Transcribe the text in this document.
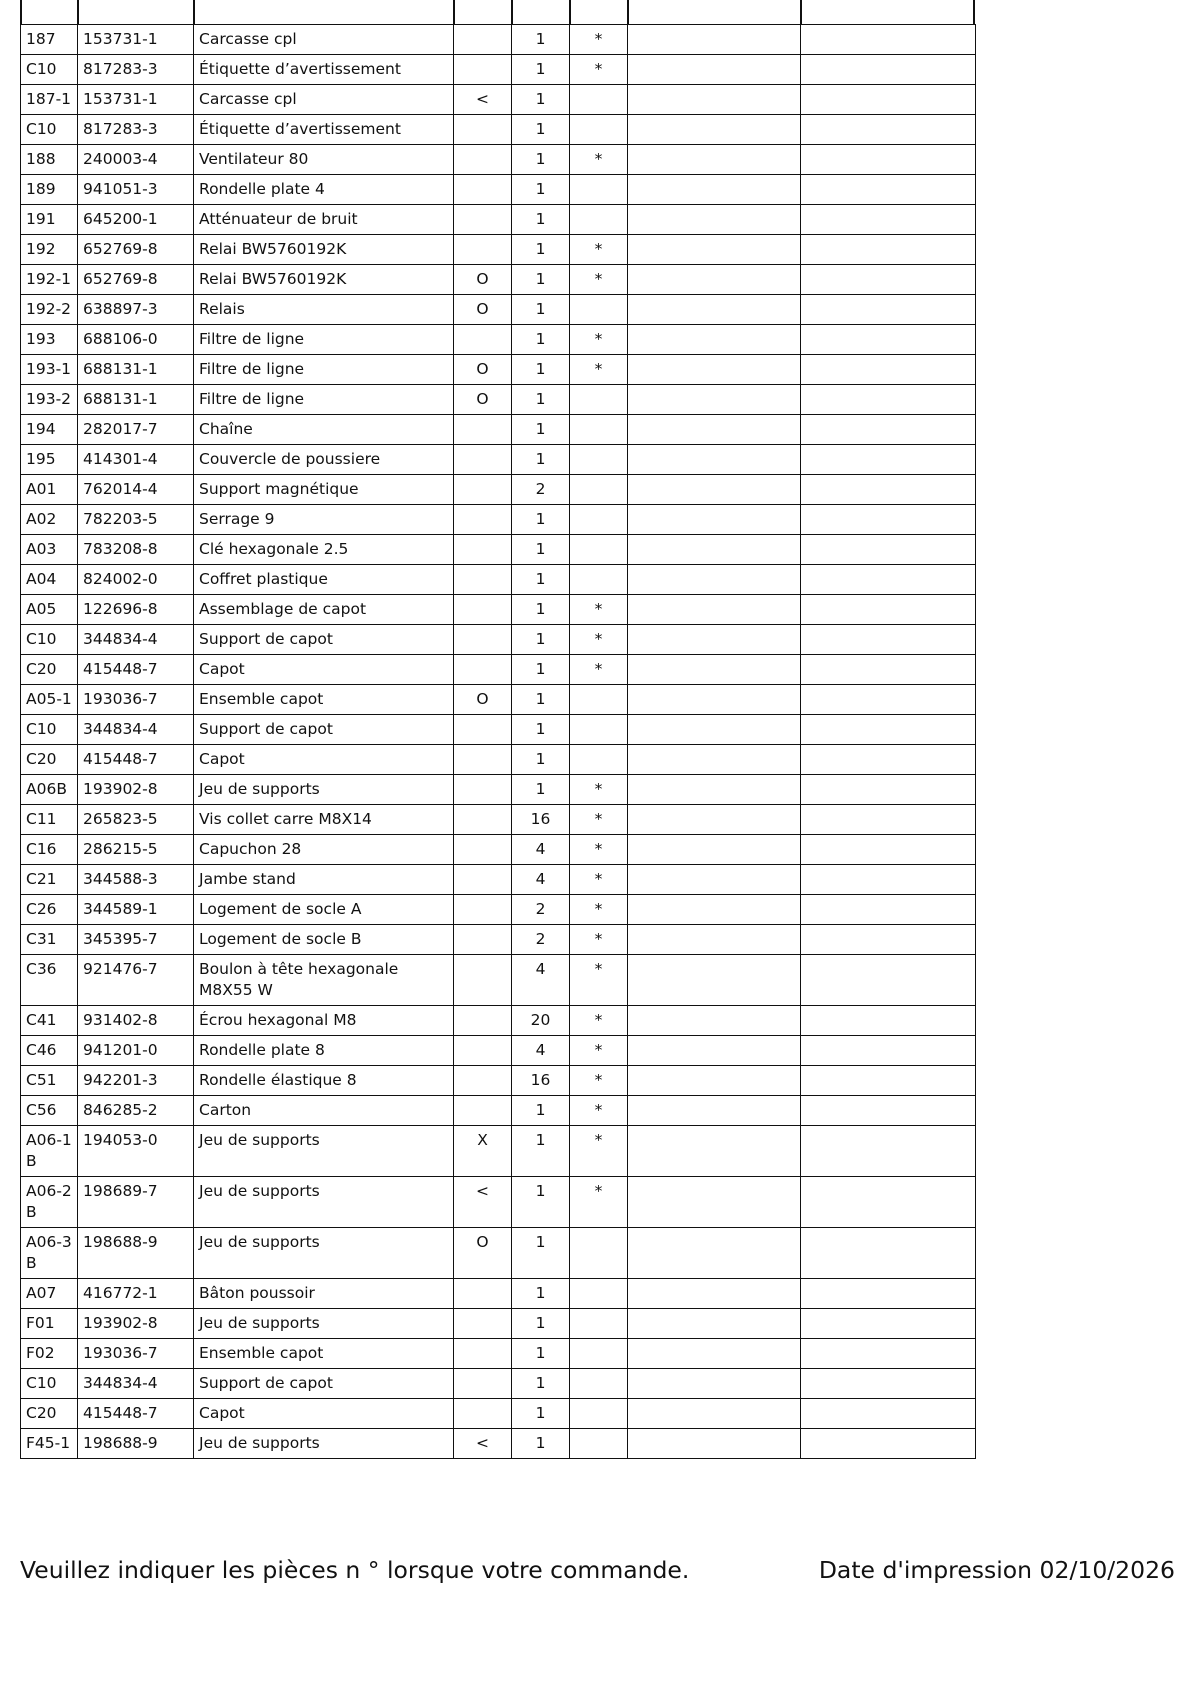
187	153731-1	Carcasse cpl		1	*		
C10	817283-3	Étiquette d’avertissement		1	*		
187-1	153731-1	Carcasse cpl	<	1			
C10	817283-3	Étiquette d’avertissement		1			
188	240003-4	Ventilateur 80		1	*		
189	941051-3	Rondelle plate 4		1			
191	645200-1	Atténuateur de bruit		1			
192	652769-8	Relai BW5760192K		1	*		
192-1	652769-8	Relai BW5760192K	O	1	*		
192-2	638897-3	Relais	O	1			
193	688106-0	Filtre de ligne		1	*		
193-1	688131-1	Filtre de ligne	O	1	*		
193-2	688131-1	Filtre de ligne	O	1			
194	282017-7	Chaîne		1			
195	414301-4	Couvercle de poussiere		1			
A01	762014-4	Support magnétique		2			
A02	782203-5	Serrage 9		1			
A03	783208-8	Clé hexagonale 2.5		1			
A04	824002-0	Coffret plastique		1			
A05	122696-8	Assemblage de capot		1	*		
C10	344834-4	Support de capot		1	*		
C20	415448-7	Capot		1	*		
A05-1	193036-7	Ensemble capot	O	1			
C10	344834-4	Support de capot		1			
C20	415448-7	Capot		1			
A06B	193902-8	Jeu de supports		1	*		
C11	265823-5	Vis collet carre M8X14		16	*		
C16	286215-5	Capuchon 28		4	*		
C21	344588-3	Jambe stand		4	*		
C26	344589-1	Logement de socle A		2	*		
C31	345395-7	Logement de socle B		2	*		
C36	921476-7	Boulon à tête hexagonale M8X55 W		4	*		
C41	931402-8	Écrou hexagonal M8		20	*		
C46	941201-0	Rondelle plate 8		4	*		
C51	942201-3	Rondelle élastique 8		16	*		
C56	846285-2	Carton		1	*		
A06-1B	194053-0	Jeu de supports	X	1	*		
A06-2B	198689-7	Jeu de supports	<	1	*		
A06-3B	198688-9	Jeu de supports	O	1			
A07	416772-1	Bâton poussoir		1			
F01	193902-8	Jeu de supports		1			
F02	193036-7	Ensemble capot		1			
C10	344834-4	Support de capot		1			
C20	415448-7	Capot		1			
F45-1	198688-9	Jeu de supports	<	1			
Veuillez indiquer les pièces n ° lorsque votre commande.	Date d'impression 02/10/2026
